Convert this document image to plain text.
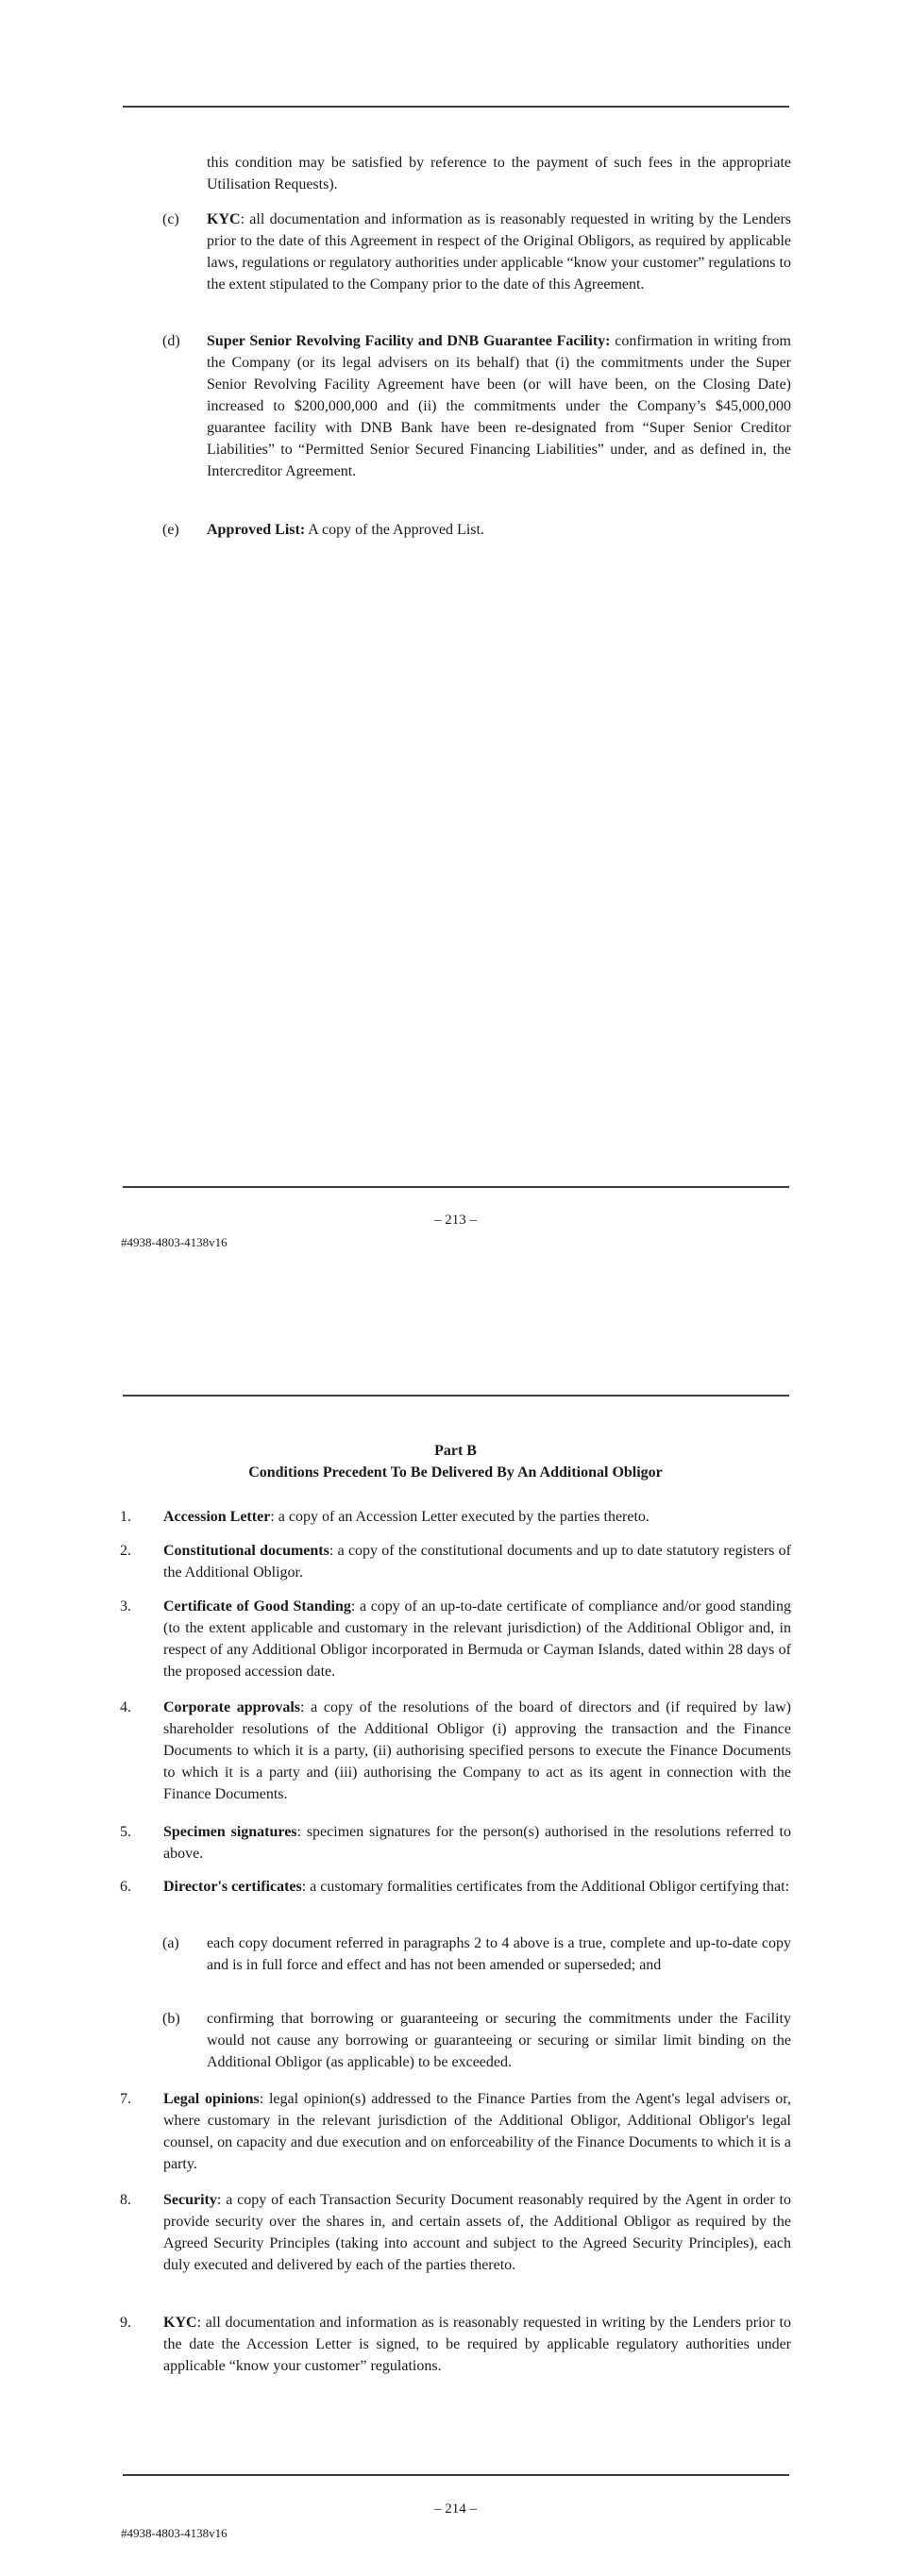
this condition may be satisfied by reference to the payment of such fees in the appropriate Utilisation Requests).
(c) KYC: all documentation and information as is reasonably requested in writing by the Lenders prior to the date of this Agreement in respect of the Original Obligors, as required by applicable laws, regulations or regulatory authorities under applicable “know your customer” regulations to the extent stipulated to the Company prior to the date of this Agreement.
(d) Super Senior Revolving Facility and DNB Guarantee Facility: confirmation in writing from the Company (or its legal advisers on its behalf) that (i) the commitments under the Super Senior Revolving Facility Agreement have been (or will have been, on the Closing Date) increased to $200,000,000 and (ii) the commitments under the Company’s $45,000,000 guarantee facility with DNB Bank have been re-designated from “Super Senior Creditor Liabilities” to “Permitted Senior Secured Financing Liabilities” under, and as defined in, the Intercreditor Agreement.
(e) Approved List: A copy of the Approved List.
– 213 –
#4938-4803-4138v16
Part B
Conditions Precedent To Be Delivered By An Additional Obligor
1. Accession Letter: a copy of an Accession Letter executed by the parties thereto.
2. Constitutional documents: a copy of the constitutional documents and up to date statutory registers of the Additional Obligor.
3. Certificate of Good Standing: a copy of an up-to-date certificate of compliance and/or good standing (to the extent applicable and customary in the relevant jurisdiction) of the Additional Obligor and, in respect of any Additional Obligor incorporated in Bermuda or Cayman Islands, dated within 28 days of the proposed accession date.
4. Corporate approvals: a copy of the resolutions of the board of directors and (if required by law) shareholder resolutions of the Additional Obligor (i) approving the transaction and the Finance Documents to which it is a party, (ii) authorising specified persons to execute the Finance Documents to which it is a party and (iii) authorising the Company to act as its agent in connection with the Finance Documents.
5. Specimen signatures: specimen signatures for the person(s) authorised in the resolutions referred to above.
6. Director's certificates: a customary formalities certificates from the Additional Obligor certifying that:
(a) each copy document referred in paragraphs 2 to 4 above is a true, complete and up-to-date copy and is in full force and effect and has not been amended or superseded; and
(b) confirming that borrowing or guaranteeing or securing the commitments under the Facility would not cause any borrowing or guaranteeing or securing or similar limit binding on the Additional Obligor (as applicable) to be exceeded.
7. Legal opinions: legal opinion(s) addressed to the Finance Parties from the Agent's legal advisers or, where customary in the relevant jurisdiction of the Additional Obligor, Additional Obligor's legal counsel, on capacity and due execution and on enforceability of the Finance Documents to which it is a party.
8. Security: a copy of each Transaction Security Document reasonably required by the Agent in order to provide security over the shares in, and certain assets of, the Additional Obligor as required by the Agreed Security Principles (taking into account and subject to the Agreed Security Principles), each duly executed and delivered by each of the parties thereto.
9. KYC: all documentation and information as is reasonably requested in writing by the Lenders prior to the date the Accession Letter is signed, to be required by applicable regulatory authorities under applicable “know your customer” regulations.
– 214 –
#4938-4803-4138v16
